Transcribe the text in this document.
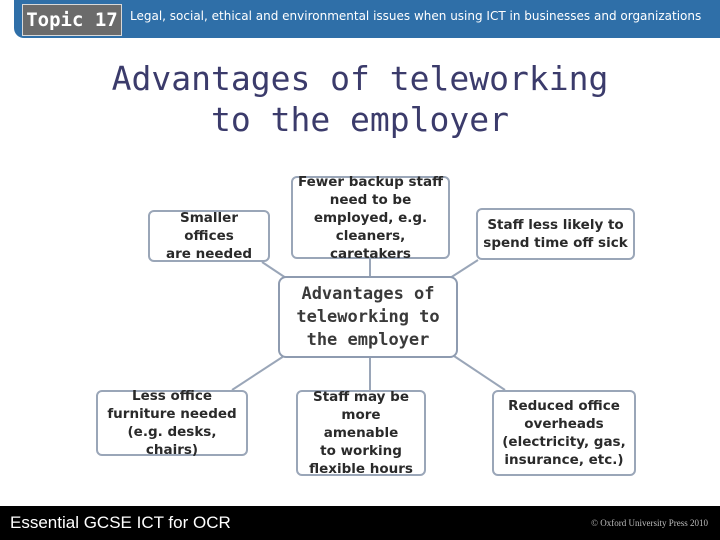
Topic 17	Legal, social, ethical and environmental issues when using ICT in businesses and organizations
Advantages of teleworking
to the employer
Smaller offices
are needed
Fewer backup staff
need to be
employed, e.g.
cleaners, caretakers
Staff less likely to
spend time off sick
Advantages of
teleworking to
the employer
Less office
furniture needed
(e.g. desks, chairs)
Staff may be
more amenable
to working
flexible hours
Reduced office
overheads
(electricity, gas,
insurance, etc.)
Essential GCSE ICT for OCR	© Oxford University Press 2010
